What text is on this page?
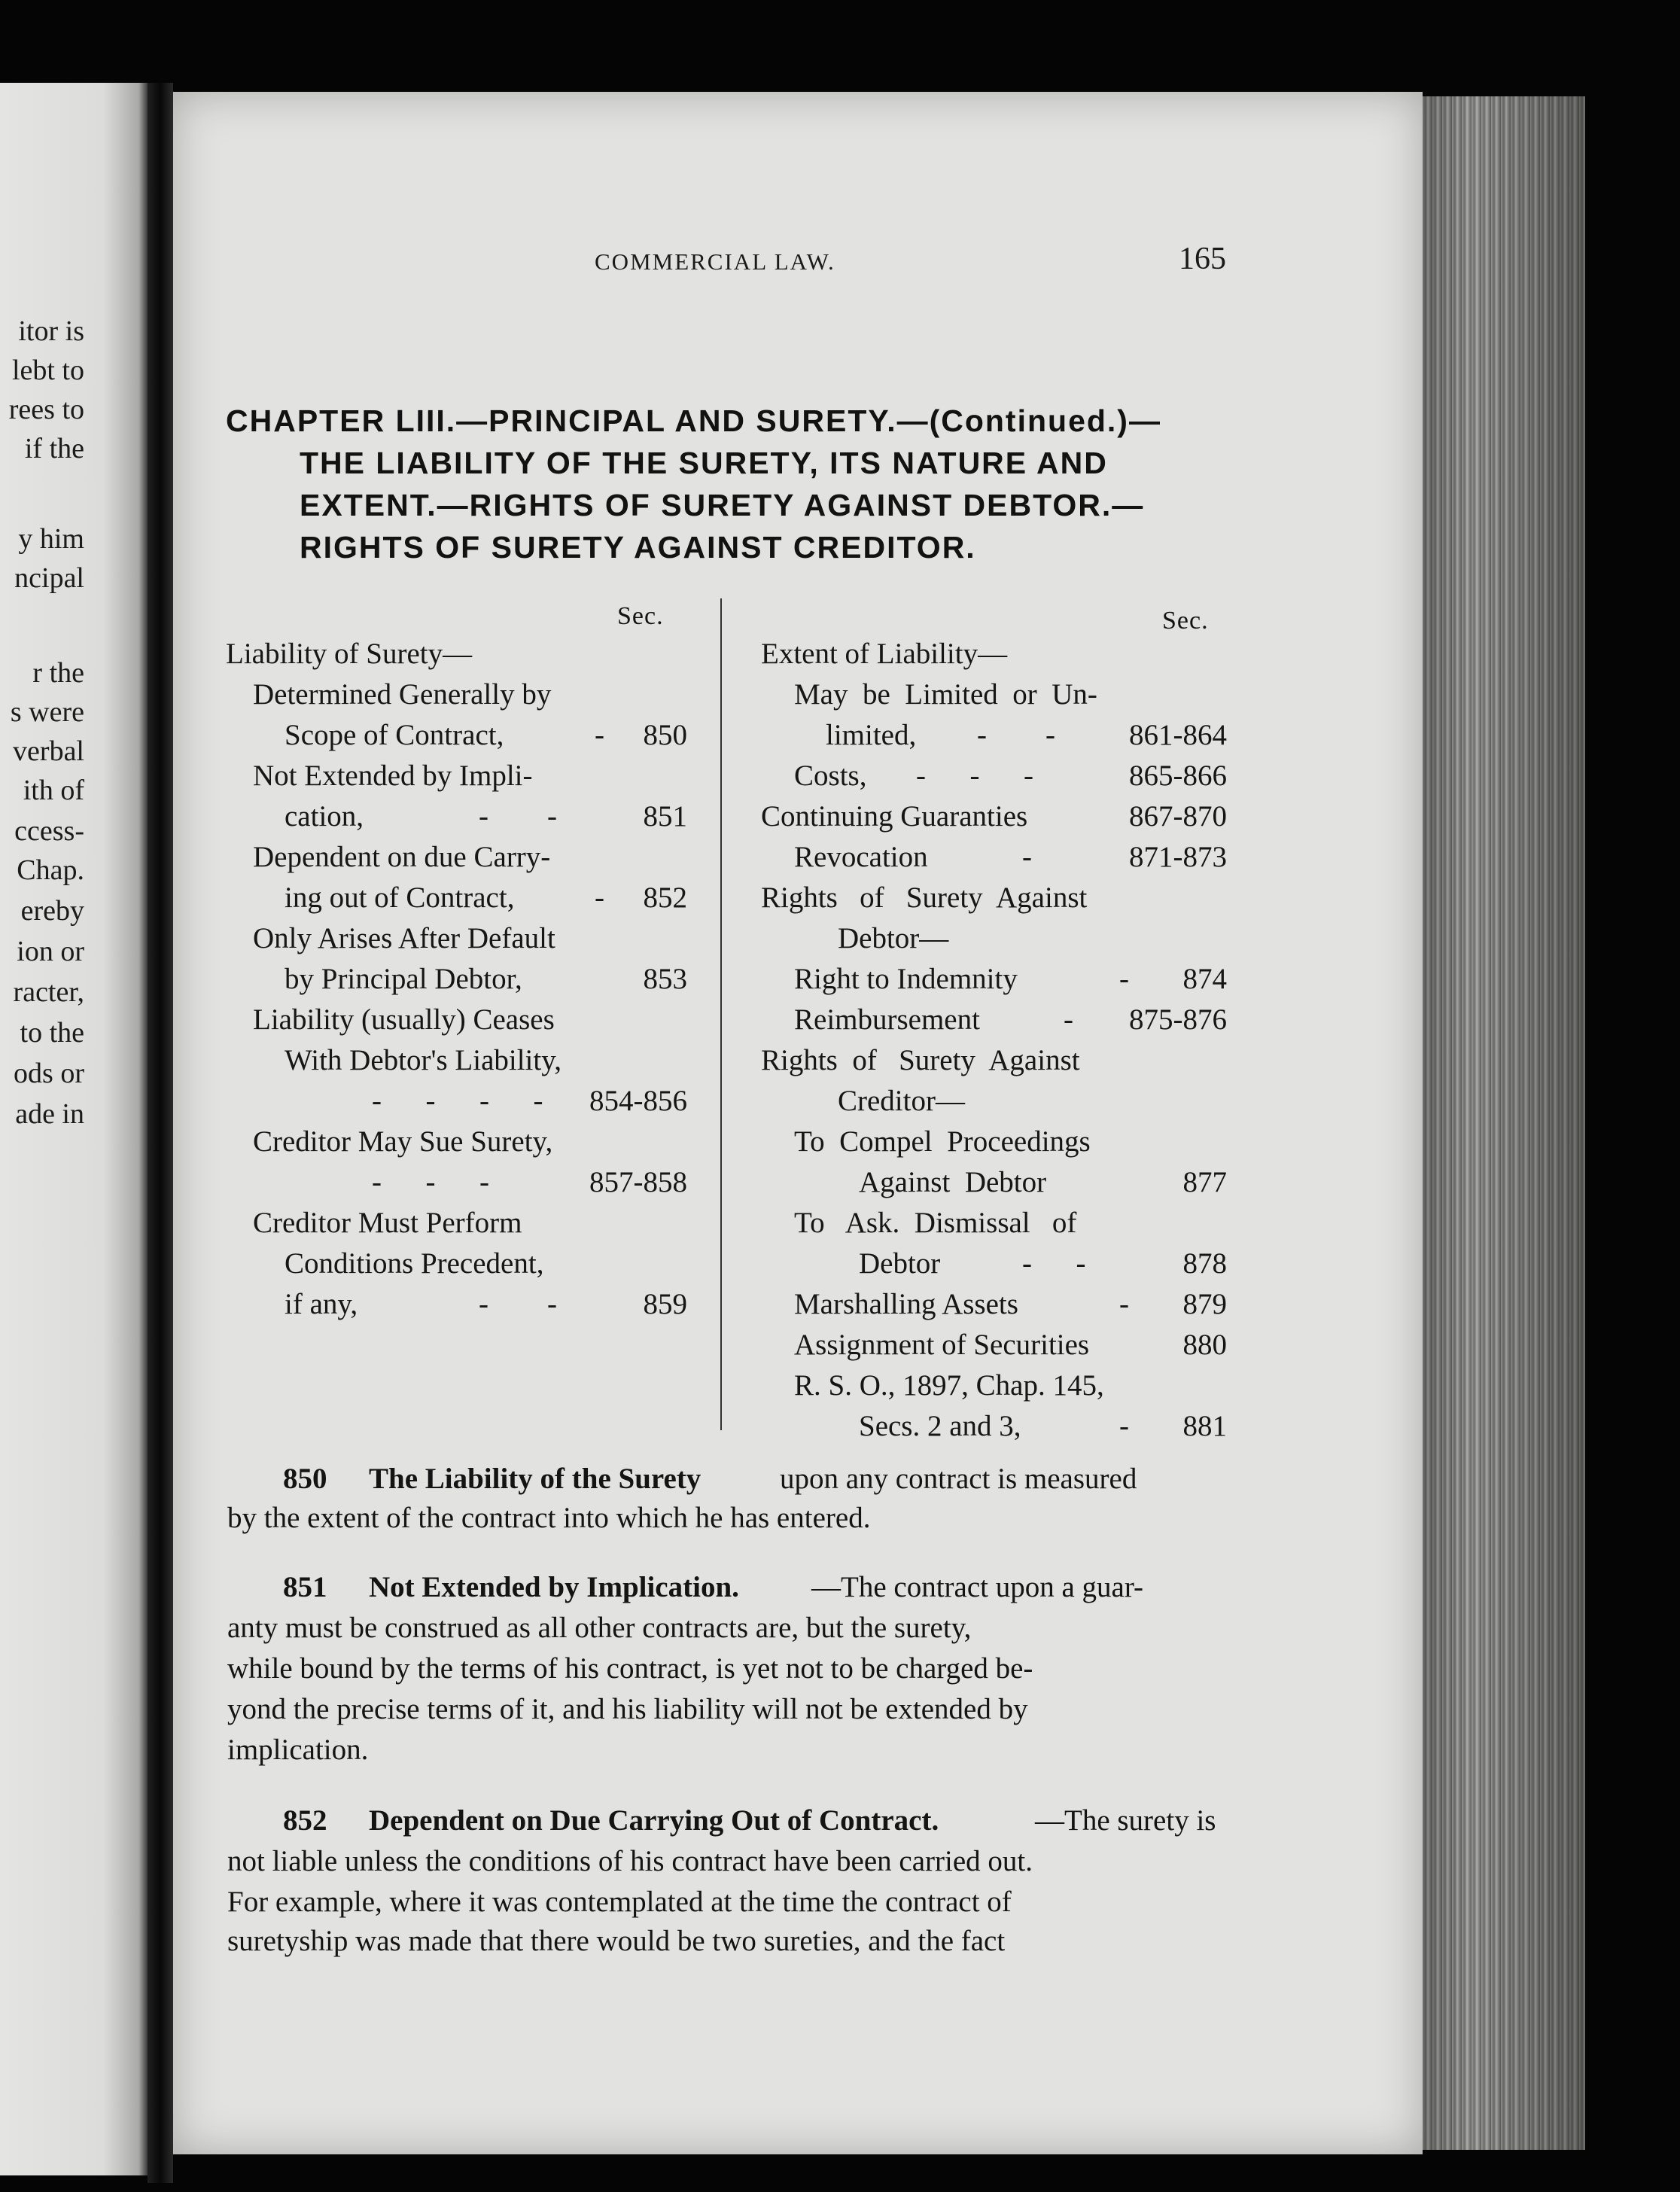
itor is
lebt to
rees to
if the
y him
ncipal
r the
s were
verbal
ith of
ccess-
Chap.
ereby
ion or
racter,
to the
ods or
ade in
COMMERCIAL LAW.	165
CHAPTER LIII.—PRINCIPAL AND SURETY.—(Continued.)—
THE LIABILITY OF THE SURETY, ITS NATURE AND
EXTENT.—RIGHTS OF SURETY AGAINST DEBTOR.—
RIGHTS OF SURETY AGAINST CREDITOR.
Sec.	Sec.
Liability of Surety—
Determined Generally by
Scope of Contract,	- 850
Not Extended by Impli-
cation,	-        -	851
Dependent on due Carry-
ing out of Contract,	- 852
Only Arises After Default
by Principal Debtor,	853
Liability (usually) Ceases
With Debtor's Liability,
-      -      -      - 854-856
Creditor May Sue Surety,
-      -      -	857-858
Creditor Must Perform
Conditions Precedent,
if any,	-        -	859
Extent of Liability—
May  be  Limited  or  Un-
limited, -        -	861-864
Costs, -      -      -	865-866
Continuing Guaranties	867-870
Revocation	-	871-873
Rights   of   Surety  Against
Debtor—
Right to Indemnity	- 874
Reimbursement	- 875-876
Rights  of   Surety  Against
Creditor—
To  Compel  Proceedings
Against  Debtor	877
To   Ask.  Dismissal   of
Debtor	-      -	878
Marshalling Assets	- 879
Assignment of Securities	880
R. S. O., 1897, Chap. 145,
Secs. 2 and 3,	- 881
850 The Liability of the Surety	upon any contract is measured
by the extent of the contract into which he has entered.
851 Not Extended by Implication. —The contract upon a guar-
anty must be construed as all other contracts are, but the surety,
while bound by the terms of his contract, is yet not to be charged be-
yond the precise terms of it, and his liability will not be extended by
implication.
852 Dependent on Due Carrying Out of Contract.	—The surety is
not liable unless the conditions of his contract have been carried out.
For example, where it was contemplated at the time the contract of
suretyship was made that there would be two sureties, and the fact
